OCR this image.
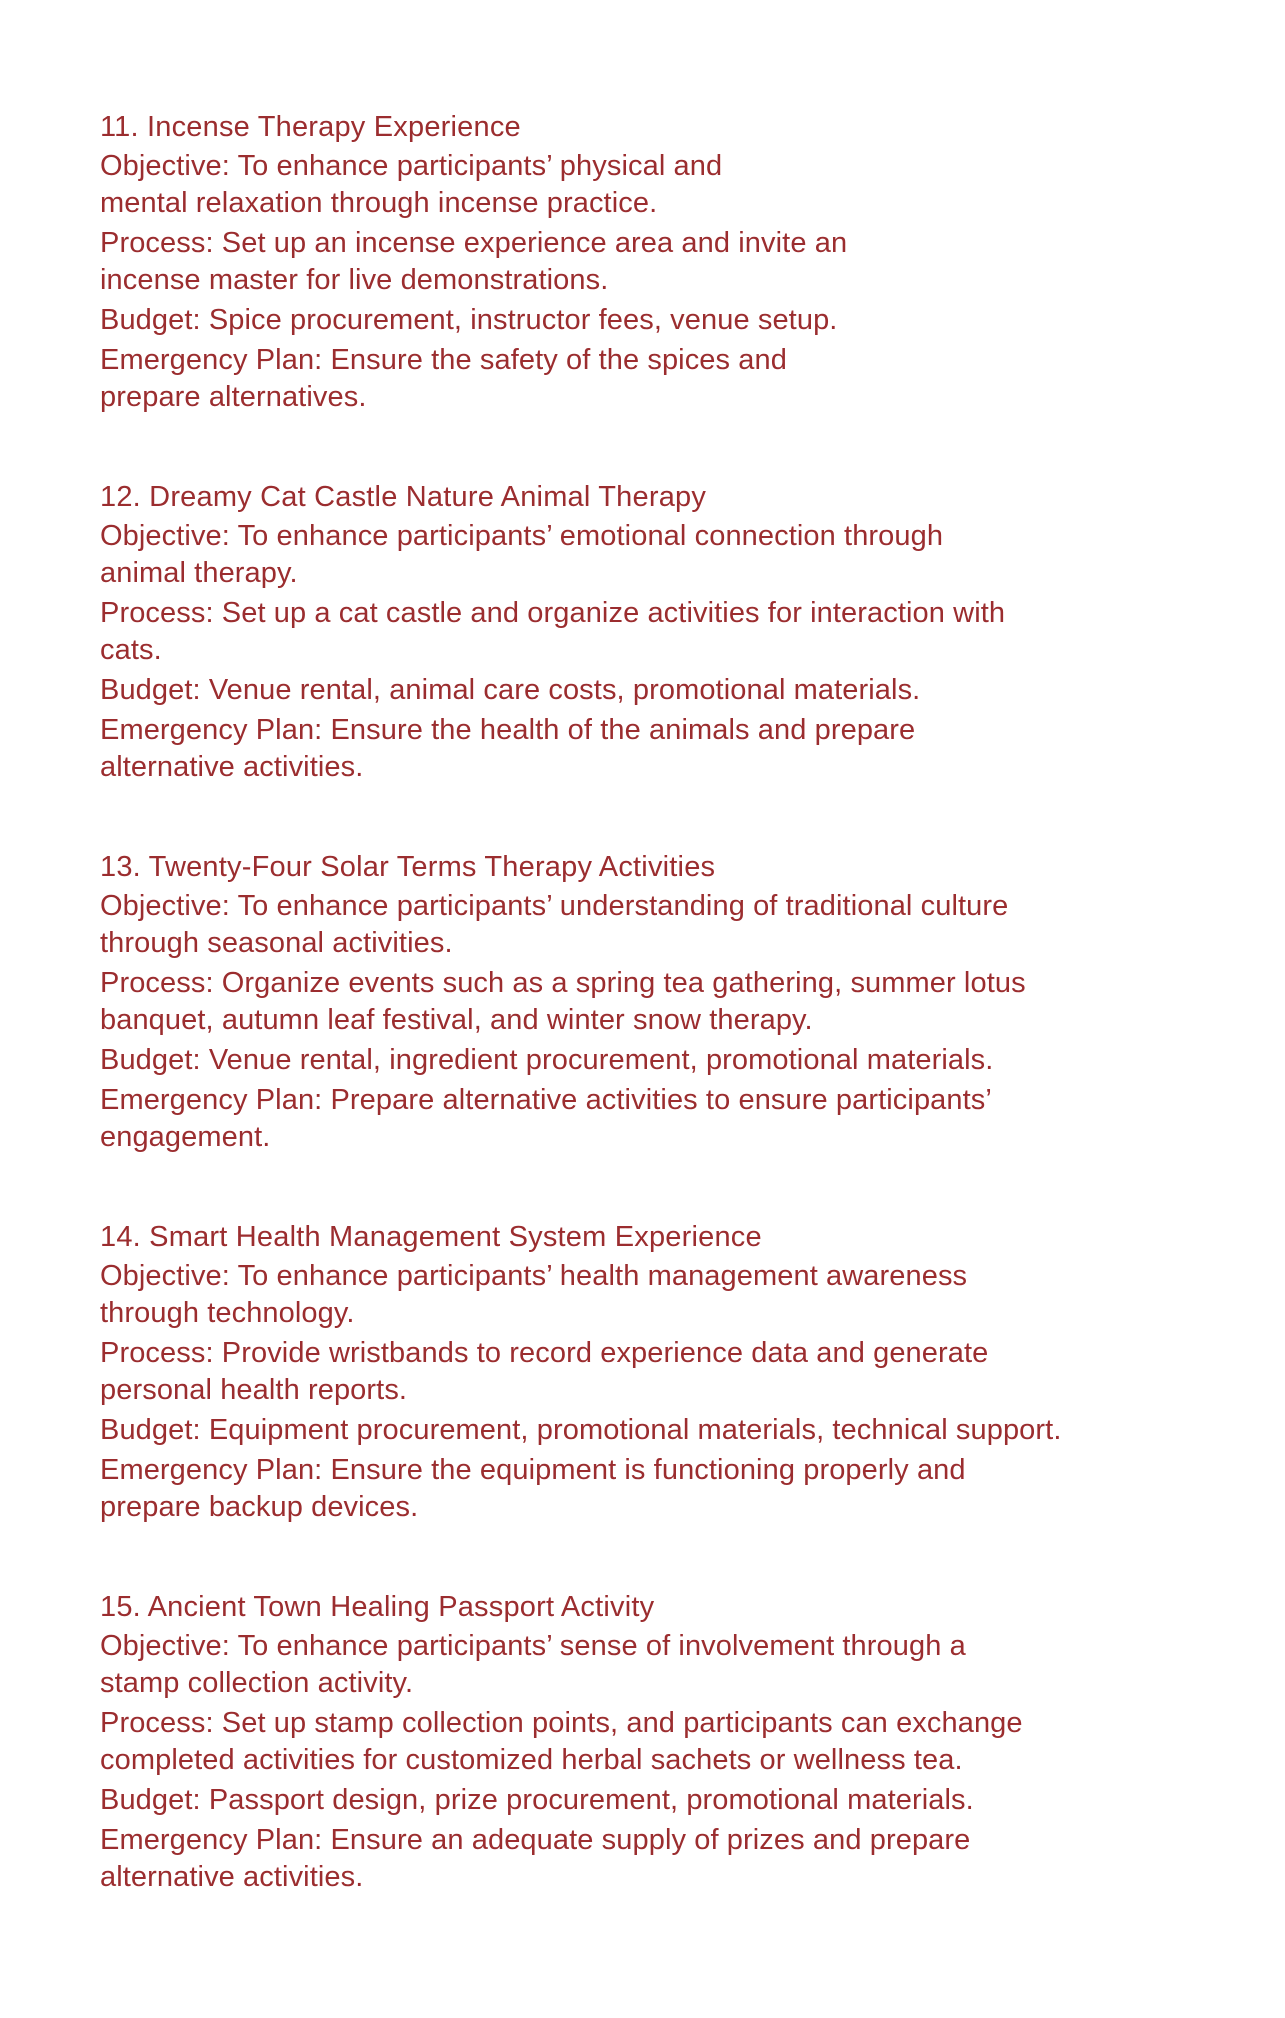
11. Incense Therapy Experience
Objective: To enhance participants’ physical and
mental relaxation through incense practice.
Process: Set up an incense experience area and invite an
incense master for live demonstrations.
Budget: Spice procurement, instructor fees, venue setup.
Emergency Plan: Ensure the safety of the spices and
prepare alternatives.
12. Dreamy Cat Castle Nature Animal Therapy
Objective: To enhance participants’ emotional connection through
animal therapy.
Process: Set up a cat castle and organize activities for interaction with
cats.
Budget: Venue rental, animal care costs, promotional materials.
Emergency Plan: Ensure the health of the animals and prepare
alternative activities.
13. Twenty-Four Solar Terms Therapy Activities
Objective: To enhance participants’ understanding of traditional culture
through seasonal activities.
Process: Organize events such as a spring tea gathering, summer lotus
banquet, autumn leaf festival, and winter snow therapy.
Budget: Venue rental, ingredient procurement, promotional materials.
Emergency Plan: Prepare alternative activities to ensure participants’
engagement.
14. Smart Health Management System Experience
Objective: To enhance participants’ health management awareness
through technology.
Process: Provide wristbands to record experience data and generate
personal health reports.
Budget: Equipment procurement, promotional materials, technical support.
Emergency Plan: Ensure the equipment is functioning properly and
prepare backup devices.
15. Ancient Town Healing Passport Activity
Objective: To enhance participants’ sense of involvement through a
stamp collection activity.
Process: Set up stamp collection points, and participants can exchange
completed activities for customized herbal sachets or wellness tea.
Budget: Passport design, prize procurement, promotional materials.
Emergency Plan: Ensure an adequate supply of prizes and prepare
alternative activities.
